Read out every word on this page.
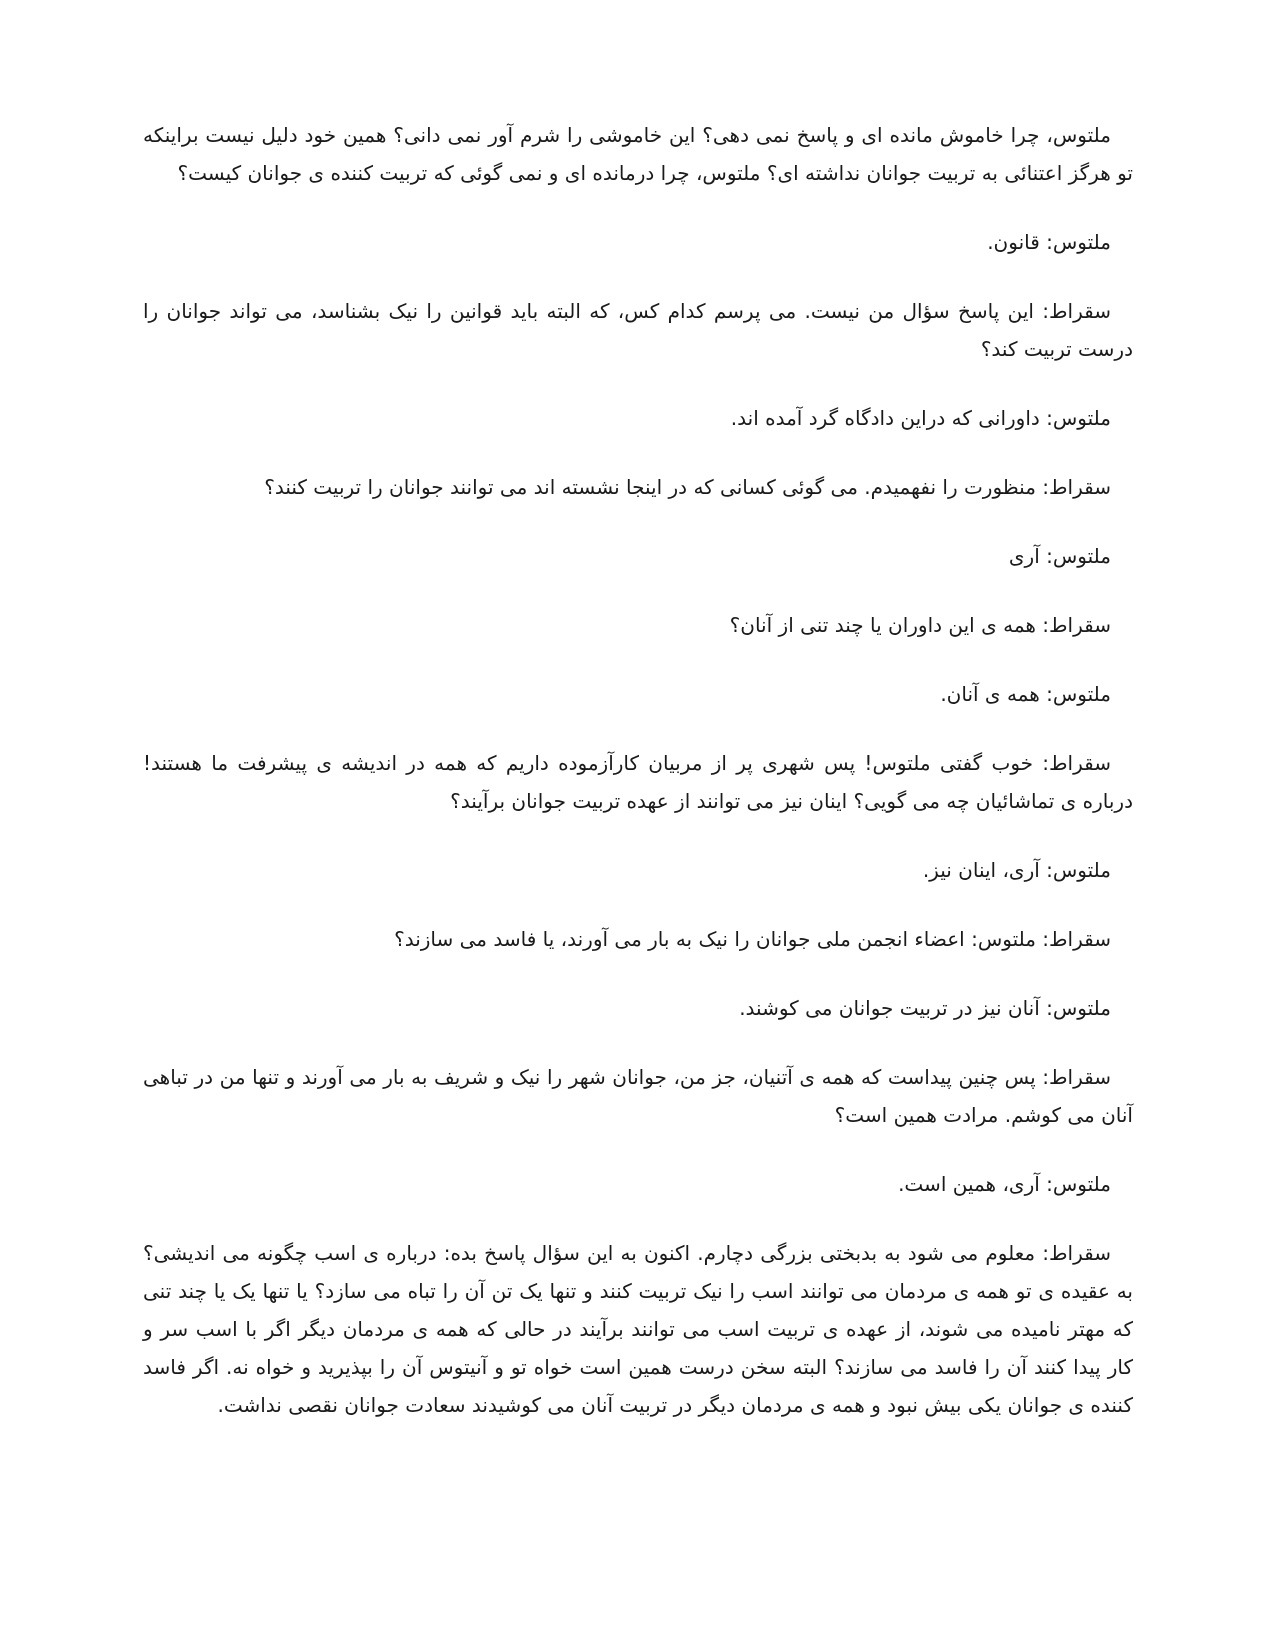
ملتوس، چرا خاموش مانده ای و پاسخ نمی دهی؟ این خاموشی را شرم آور نمی دانی؟ همین خود دلیل نیست براینکه تو هرگز اعتنائی به تربیت جوانان نداشته ای؟ ملتوس، چرا درمانده ای و نمی گوئی که تربیت کننده ی جوانان کیست؟

ملتوس: قانون.

سقراط: این پاسخ سؤال من نیست. می پرسم کدام کس، که البته باید قوانین را نیک بشناسد، می تواند جوانان را درست تربیت کند؟

ملتوس: داورانی که دراین دادگاه گرد آمده اند.

سقراط: منظورت را نفهمیدم. می گوئی کسانی که در اینجا نشسته اند می توانند جوانان را تربیت کنند؟

ملتوس: آری

سقراط: همه ی این داوران یا چند تنی از آنان؟

ملتوس: همه ی آنان.

سقراط: خوب گفتی ملتوس! پس شهری پر از مربیان کارآزموده داریم که همه در اندیشه ی پیشرفت ما هستند! درباره ی تماشائیان چه می گویی؟ اینان نیز می توانند از عهده تربیت جوانان برآیند؟

ملتوس: آری، اینان نیز.

سقراط: ملتوس: اعضاء انجمن ملی جوانان را نیک به بار می آورند، یا فاسد می سازند؟

ملتوس: آنان نیز در تربیت جوانان می کوشند.

سقراط: پس چنین پیداست که همه ی آتنیان، جز من، جوانان شهر را نیک و شریف به بار می آورند و تنها من در تباهی آنان می کوشم. مرادت همین است؟

ملتوس: آری، همین است.

سقراط: معلوم می شود به بدبختی بزرگی دچارم. اکنون به این سؤال پاسخ بده: درباره ی اسب چگونه می اندیشی؟ به عقیده ی تو همه ی مردمان می توانند اسب را نیک تربیت کنند و تنها یک تن آن را تباه می سازد؟ یا تنها یک یا چند تنی که مهتر نامیده می شوند، از عهده ی تربیت اسب می توانند برآیند در حالی که همه ی مردمان دیگر اگر با اسب سر و کار پیدا کنند آن را فاسد می سازند؟ البته سخن درست همین است خواه تو و آنیتوس آن را بپذیرید و خواه نه. اگر فاسد کننده ی جوانان یکی بیش نبود و همه ی مردمان دیگر در تربیت آنان می کوشیدند سعادت جوانان نقصی نداشت.
